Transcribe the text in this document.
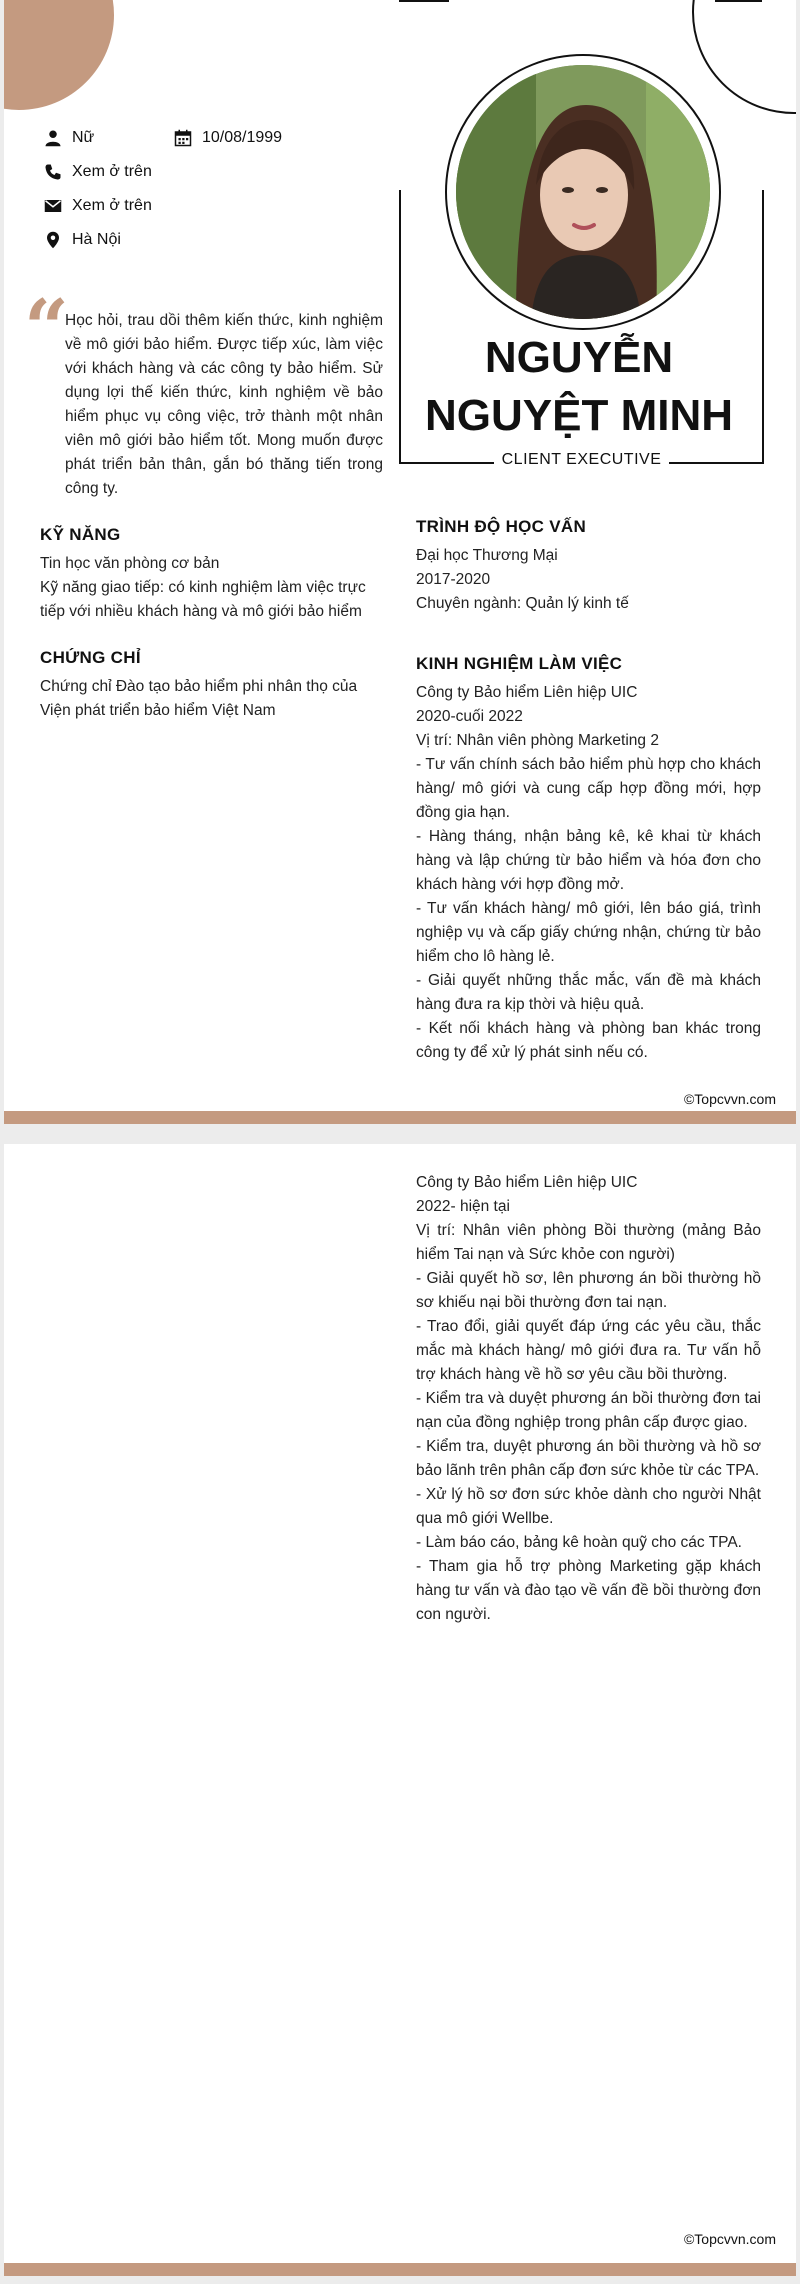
NGUYỄN
NGUYỆT MINH
CLIENT EXECUTIVE
Nữ	10/08/1999
Xem ở trên
Xem ở trên
Hà Nội
“
Học hỏi, trau dồi thêm kiến thức, kinh nghiệm về mô giới bảo hiểm. Được tiếp xúc, làm việc với khách hàng và các công ty bảo hiểm. Sử dụng lợi thế kiến thức, kinh nghiệm về bảo hiểm phục vụ công việc, trở thành một nhân viên mô giới bảo hiểm tốt. Mong muốn được phát triển bản thân, gắn bó thăng tiến trong công ty.
KỸ NĂNG
Tin học văn phòng cơ bản
Kỹ năng giao tiếp: có kinh nghiệm làm việc trực tiếp với nhiều khách hàng và mô giới bảo hiểm
CHỨNG CHỈ
Chứng chỉ Đào tạo bảo hiểm phi nhân thọ của Viện phát triển bảo hiểm Việt Nam
TRÌNH ĐỘ HỌC VẤN
Đại học Thương Mại
2017-2020
Chuyên ngành: Quản lý kinh tế
KINH NGHIỆM LÀM VIỆC
Công ty Bảo hiểm Liên hiệp UIC
2020-cuối 2022
Vị trí: Nhân viên phòng Marketing 2
- Tư vấn chính sách bảo hiểm phù hợp cho khách hàng/ mô giới và cung cấp hợp đồng mới, hợp đồng gia hạn.
- Hàng tháng, nhận bảng kê, kê khai từ khách hàng và lập chứng từ bảo hiểm và hóa đơn cho khách hàng với hợp đồng mở.
- Tư vấn khách hàng/ mô giới, lên báo giá, trình nghiệp vụ và cấp giấy chứng nhận, chứng từ bảo hiểm cho lô hàng lẻ.
- Giải quyết những thắc mắc, vấn đề mà khách hàng đưa ra kịp thời và hiệu quả.
- Kết nối khách hàng và phòng ban khác trong công ty để xử lý phát sinh nếu có.
©Topcvvn.com
Công ty Bảo hiểm Liên hiệp UIC
2022- hiện tại
Vị trí: Nhân viên phòng Bồi thường (mảng Bảo hiểm Tai nạn và Sức khỏe con người)
- Giải quyết hồ sơ, lên phương án bồi thường hồ sơ khiếu nại bồi thường đơn tai nạn.
- Trao đổi, giải quyết đáp ứng các yêu cầu, thắc mắc mà khách hàng/ mô giới đưa ra. Tư vấn hỗ trợ khách hàng về hồ sơ yêu cầu bồi thường.
- Kiểm tra và duyệt phương án bồi thường đơn tai nạn của đồng nghiệp trong phân cấp được giao.
- Kiểm tra, duyệt phương án bồi thường và hồ sơ bảo lãnh trên phân cấp đơn sức khỏe từ các TPA.
- Xử lý hồ sơ đơn sức khỏe dành cho người Nhật qua mô giới Wellbe.
- Làm báo cáo, bảng kê hoàn quỹ cho các TPA.
- Tham gia hỗ trợ phòng Marketing gặp khách hàng tư vấn và đào tạo về vấn đề bồi thường đơn con người.
©Topcvvn.com
